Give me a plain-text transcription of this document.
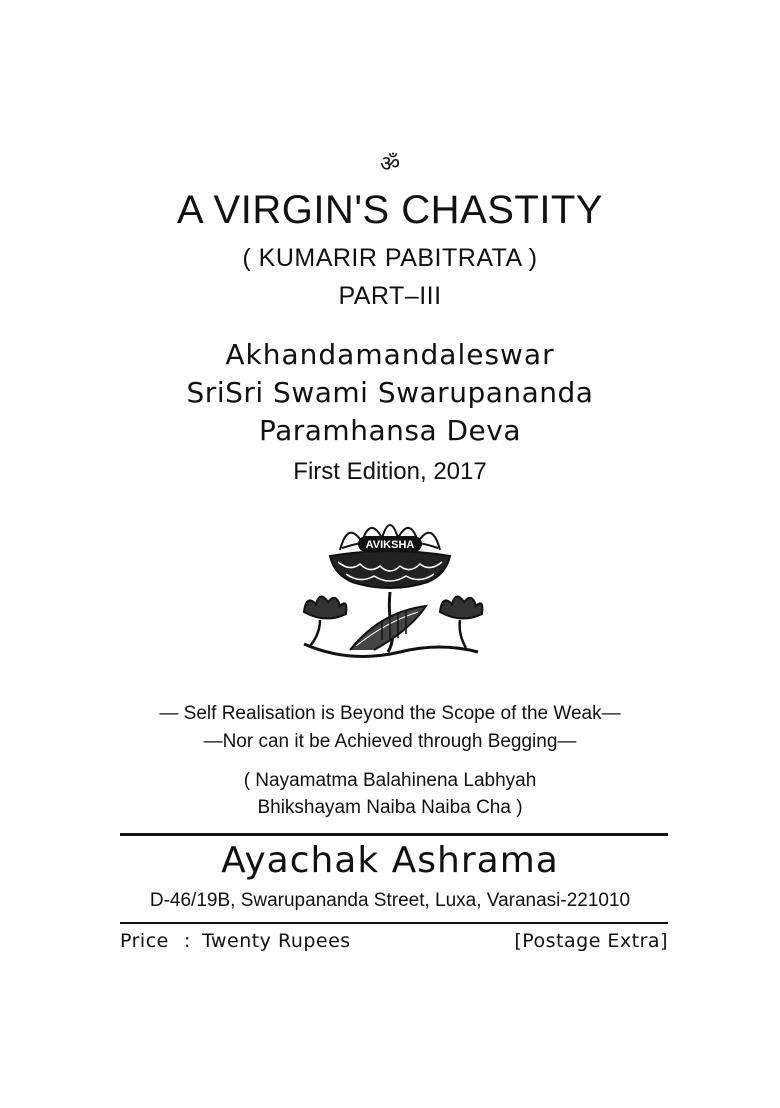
ॐ
A VIRGIN'S CHASTITY
( KUMARIR PABITRATA )
PART–III
Akhandamandaleswar
SriSri Swami Swarupananda
Paramhansa Deva
First Edition, 2017
AVIKSHA
— Self Realisation is Beyond the Scope of the Weak—
—Nor can it be Achieved through Begging—
( Nayamatma Balahinena Labhyah
Bhikshayam Naiba Naiba Cha )
Ayachak Ashrama
D-46/19B, Swarupananda Street, Luxa, Varanasi-221010
Price : Twenty Rupees	[Postage Extra]
